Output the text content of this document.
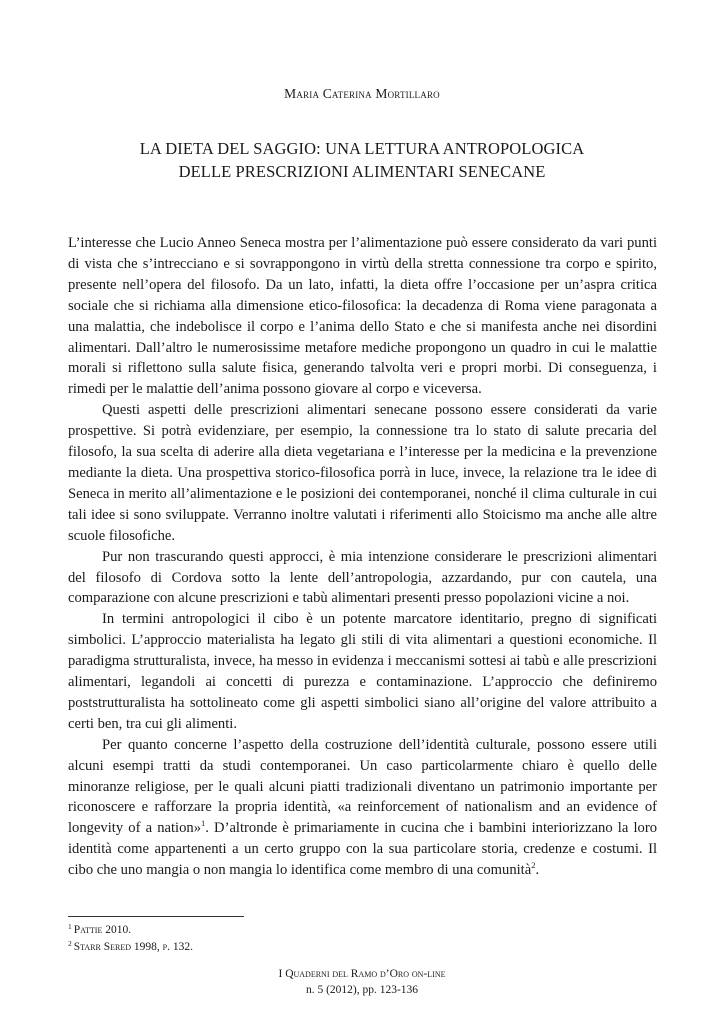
Maria Caterina Mortillaro
LA DIETA DEL SAGGIO: UNA LETTURA ANTROPOLOGICA
DELLE PRESCRIZIONI ALIMENTARI SENECANE

L’interesse che Lucio Anneo Seneca mostra per l’alimentazione può essere considerato da vari punti di vista che s’intrecciano e si sovrappongono in virtù della stretta connessione tra corpo e spirito, presente nell’opera del filosofo. Da un lato, infatti, la dieta offre l’occasione per un’aspra critica sociale che si richiama alla dimensione etico-filosofica: la decadenza di Roma viene paragonata a una malattia, che indebolisce il corpo e l’anima dello Stato e che si manifesta anche nei disordini alimentari. Dall’altro le numerosissime metafore mediche propongono un quadro in cui le malattie morali si riflettono sulla salute fisica, generando talvolta veri e propri morbi. Di conseguenza, i rimedi per le malattie dell’anima possono giovare al corpo e viceversa.

Questi aspetti delle prescrizioni alimentari senecane possono essere considerati da varie prospettive. Si potrà evidenziare, per esempio, la connessione tra lo stato di salute precaria del filosofo, la sua scelta di aderire alla dieta vegetariana e l’interesse per la medicina e la prevenzione mediante la dieta. Una prospettiva storico-filosofica porrà in luce, invece, la relazione tra le idee di Seneca in merito all’alimentazione e le posizioni dei contemporanei, nonché il clima culturale in cui tali idee si sono sviluppate. Verranno inoltre valutati i riferimenti allo Stoicismo ma anche alle altre scuole filosofiche.

Pur non trascurando questi approcci, è mia intenzione considerare le prescrizioni alimentari del filosofo di Cordova sotto la lente dell’antropologia, azzardando, pur con cautela, una comparazione con alcune prescrizioni e tabù alimentari presenti presso popolazioni vicine a noi.

In termini antropologici il cibo è un potente marcatore identitario, pregno di significati simbolici. L’approccio materialista ha legato gli stili di vita alimentari a questioni economiche. Il paradigma strutturalista, invece, ha messo in evidenza i meccanismi sottesi ai tabù e alle prescrizioni alimentari, legandoli ai concetti di purezza e contaminazione. L’approccio che definiremo poststrutturalista ha sottolineato come gli aspetti simbolici siano all’origine del valore attribuito a certi ben, tra cui gli alimenti.

Per quanto concerne l’aspetto della costruzione dell’identità culturale, possono essere utili alcuni esempi tratti da studi contemporanei. Un caso particolarmente chiaro è quello delle minoranze religiose, per le quali alcuni piatti tradizionali diventano un patrimonio importante per riconoscere e rafforzare la propria identità, «a reinforcement of nationalism and an evidence of longevity of a nation»$^1$. D’altronde è primariamente in cucina che i bambini interiorizzano la loro identità come appartenenti a un certo gruppo con la sua particolare storia, credenze e costumi. Il cibo che uno mangia o non mangia lo identifica come membro di una comunità$^2$.

$^1$ Pattie 2010.
$^2$ Starr Sered 1998, p. 132.
I Quaderni del Ramo d’Oro on-line
n. 5 (2012), pp. 123-136
